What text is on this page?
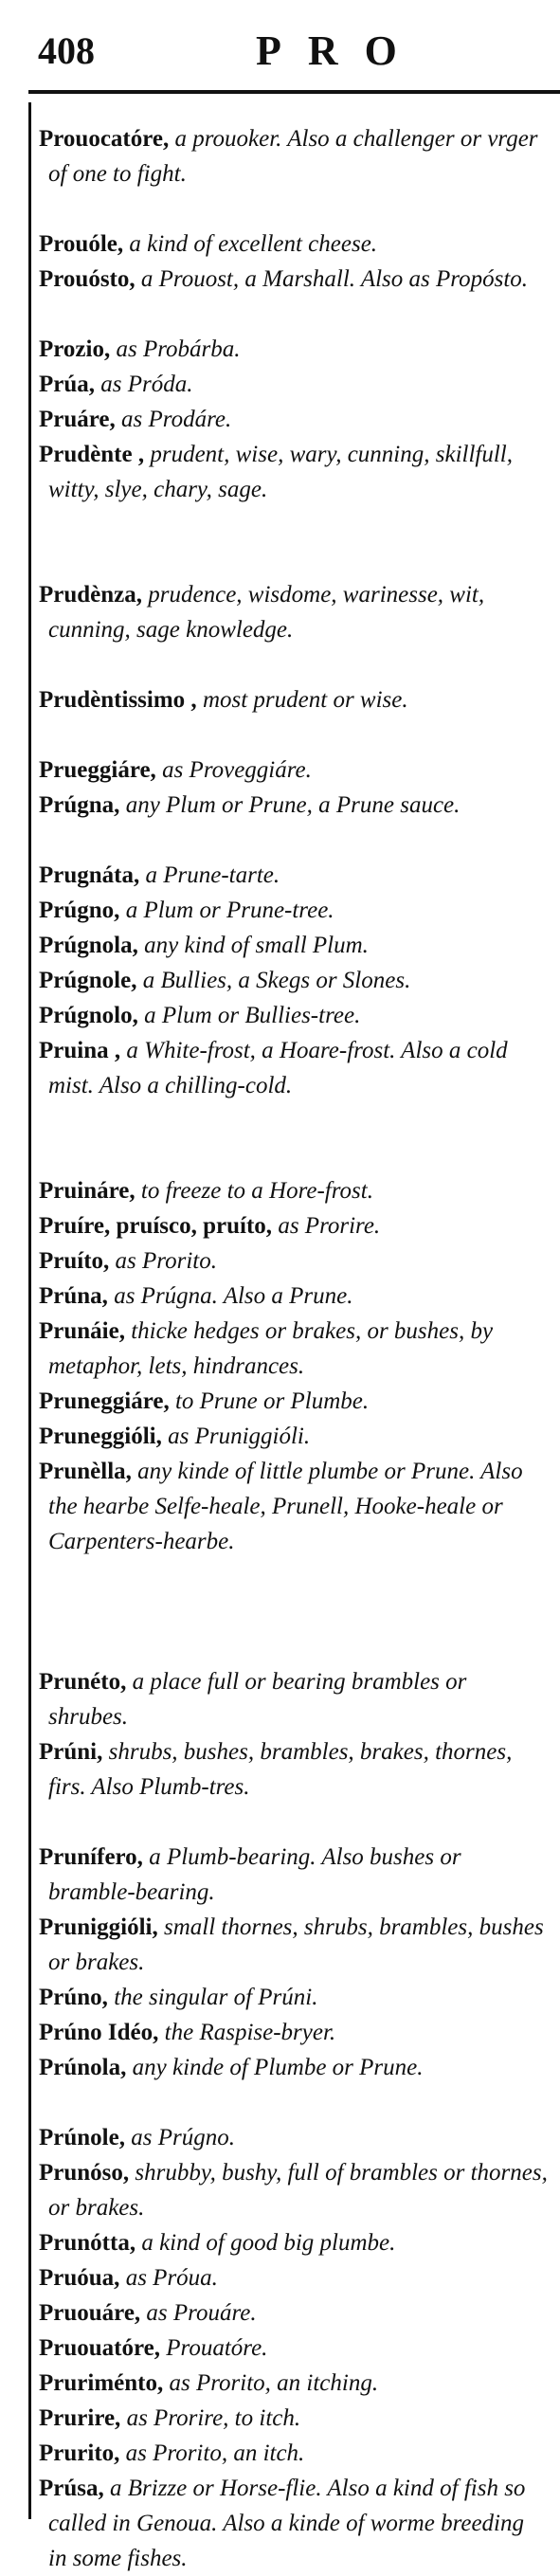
408	PRO
Prouocatóre, a prouoker. Also a challenger or vrger of one to fight.
Prouóle, a kind of excellent cheese.
Prouósto, a Prouost, a Marshall. Also as Propósto.
Prozio, as Probárba.
Prúa, as Próda.
Pruáre, as Prodáre.
Prudènte , prudent, wise, wary, cunning, skillfull, witty, slye, chary, sage.
Prudènza, prudence, wisdome, warinesse, wit, cunning, sage knowledge.
Prudèntissimo , most prudent or wise.
Prueggiáre, as Proveggiáre.
Prúgna, any Plum or Prune, a Prune sauce.
Prugnáta, a Prune-tarte.
Prúgno, a Plum or Prune-tree.
Prúgnola, any kind of small Plum.
Prúgnole, a Bullies, a Skegs or Slones.
Prúgnolo, a Plum or Bullies-tree.
Pruina , a White-frost, a Hoare-frost. Also a cold mist. Also a chilling-cold.
Pruináre, to freeze to a Hore-frost.
Pruíre, pruísco, pruíto, as Prorire.
Pruíto, as Prorito.
Prúna, as Prúgna. Also a Prune.
Prunáie, thicke hedges or brakes, or bushes, by metaphor, lets, hindrances.
Pruneggiáre, to Prune or Plumbe.
Pruneggióli, as Pruniggióli.
Prunèlla, any kinde of little plumbe or Prune. Also the hearbe Selfe-heale, Prunell, Hooke-heale or Carpenters-hearbe.
Prunéto, a place full or bearing brambles or shrubes.
Prúni, shrubs, bushes, brambles, brakes, thornes, firs. Also Plumb-tres.
Prunífero, a Plumb-bearing. Also bushes or bramble-bearing.
Pruniggióli, small thornes, shrubs, brambles, bushes or brakes.
Prúno, the singular of Prúni.
Prúno Idéo, the Raspise-bryer.
Prúnola, any kinde of Plumbe or Prune.
Prúnole, as Prúgno.
Prunóso, shrubby, bushy, full of brambles or thornes, or brakes.
Prunótta, a kind of good big plumbe.
Pruóua, as Próua.
Pruouáre, as Prouáre.
Pruouatóre, Prouatóre.
Pruriménto, as Prorito, an itching.
Prurire, as Prorire, to itch.
Prurito, as Prorito, an itch.
Prúsa, a Brizze or Horse-flie. Also a kind of fish so called in Genoua. Also a kinde of worme breeding in some fishes.
